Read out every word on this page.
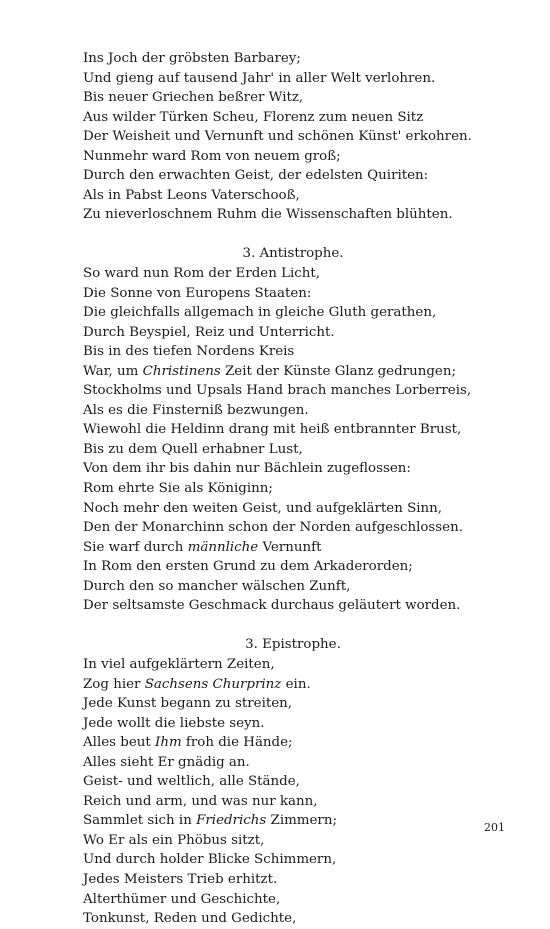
Ins Joch der gröbsten Barbarey;
Und gieng auf tausend Jahr' in aller Welt verlohren.
Bis neuer Griechen beßrer Witz,
Aus wilder Türken Scheu, Florenz zum neuen Sitz
Der Weisheit und Vernunft und schönen Künst' erkohren.
Nunmehr ward Rom von neuem groß;
Durch den erwachten Geist, der edelsten Quiriten:
Als in Pabst Leons Vaterschooß,
Zu nieverloschnem Ruhm die Wissenschaften blühten.
3. Antistrophe.
So ward nun Rom der Erden Licht,
Die Sonne von Europens Staaten:
Die gleichfalls allgemach in gleiche Gluth gerathen,
Durch Beyspiel, Reiz und Unterricht.
Bis in des tiefen Nordens Kreis
War, um Christinens Zeit der Künste Glanz gedrungen;
Stockholms und Upsals Hand brach manches Lorberreis,
Als es die Finsterniß bezwungen.
Wiewohl die Heldinn drang mit heiß entbrannter Brust,
Bis zu dem Quell erhabner Lust,
Von dem ihr bis dahin nur Bächlein zugeflossen:
Rom ehrte Sie als Königinn;
Noch mehr den weiten Geist, und aufgeklärten Sinn,
Den der Monarchinn schon der Norden aufgeschlossen.
Sie warf durch männliche Vernunft
In Rom den ersten Grund zu dem Arkaderorden;
Durch den so mancher wälschen Zunft,
Der seltsamste Geschmack durchaus geläutert worden.
3. Epistrophe.
In viel aufgeklärtern Zeiten,
Zog hier Sachsens Churprinz ein.
Jede Kunst begann zu streiten,
Jede wollt die liebste seyn.
Alles beut Ihm froh die Hände;
Alles sieht Er gnädig an.
Geist- und weltlich, alle Stände,
Reich und arm, und was nur kann,
Sammlet sich in Friedrichs Zimmern;
Wo Er als ein Phöbus sitzt,
Und durch holder Blicke Schimmern,
Jedes Meisters Trieb erhitzt.
Alterthümer und Geschichte,
Tonkunst, Reden und Gedichte,
201
